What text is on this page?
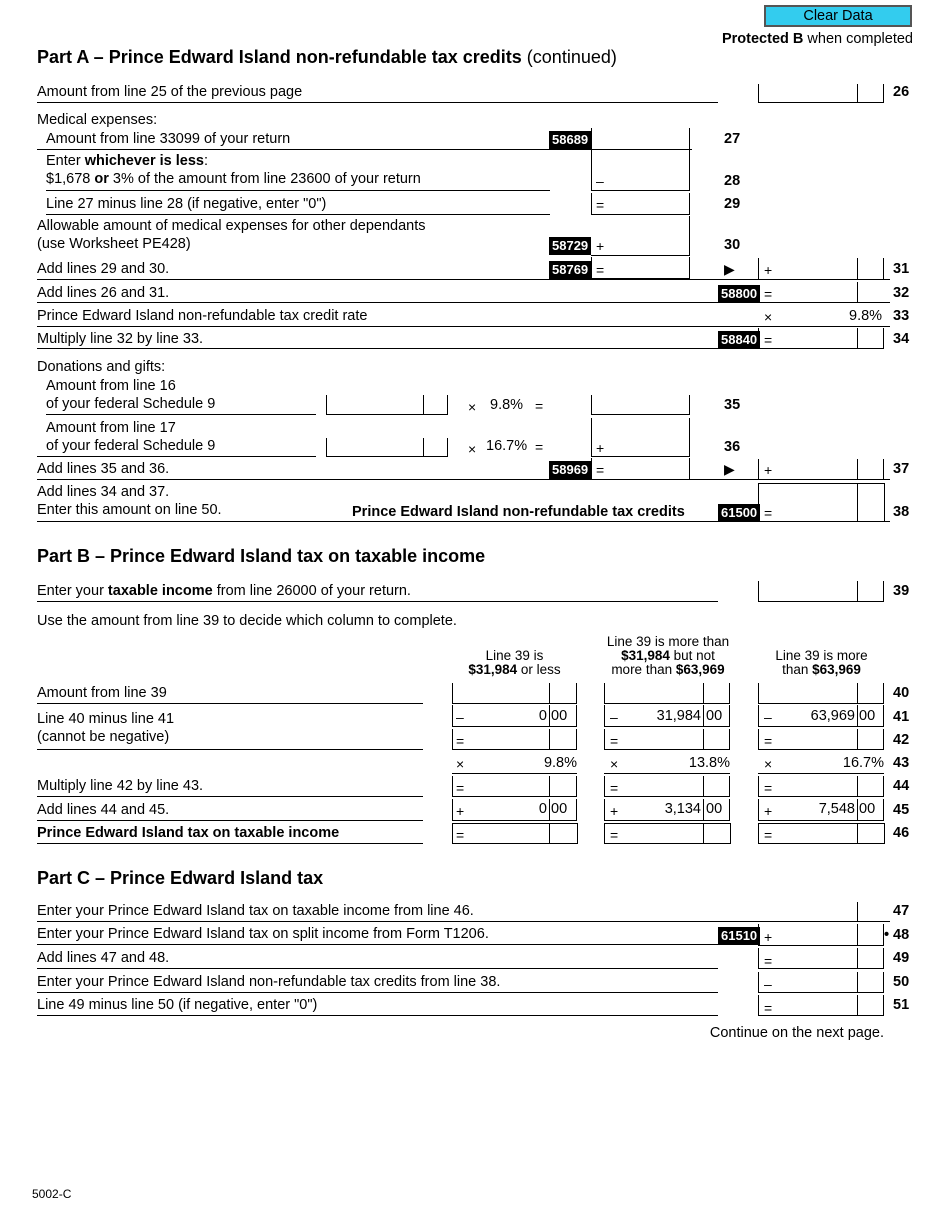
Clear Data
Protected B when completed
Part A – Prince Edward Island non-refundable tax credits (continued)
Amount from line 25 of the previous page	26
Medical expenses:
Amount from line 33099 of your return	58689	27
Enter whichever is less:
$1,678 or 3% of the amount from line 23600 of your return	–	28
Line 27 minus line 28 (if negative, enter "0")	=	29
Allowable amount of medical expenses for other dependants
(use Worksheet PE428)	58729 +	30
Add lines 29 and 30.	58769 =	▶ +	31
Add lines 26 and 31.	58800 =	32
Prince Edward Island non-refundable tax credit rate	×	9.8% 33
Multiply line 32 by line 33.	58840 =	34
Donations and gifts:
Amount from line 16
of your federal Schedule 9	× 9.8% =	35
Amount from line 17
of your federal Schedule 9	× 16.7% =	+	36
Add lines 35 and 36.	58969 =	▶ +	37
Add lines 34 and 37.
Enter this amount on line 50.	Prince Edward Island non-refundable tax credits	61500 =	38
Part B – Prince Edward Island tax on taxable income
Enter your taxable income from line 26000 of your return.	39
Use the amount from line 39 to decide which column to complete.
Line 39 is
$31,984 or less
Line 39 is more than
$31,984 but not
more than $63,969
Line 39 is more
than $63,969
Amount from line 39	40
Line 40 minus line 41
(cannot be negative)
–	0 00	–	31,984 00	–	63,969 00 41
=	=	=	42
×	9.8% ×	13.8% ×	16.7% 43
Multiply line 42 by line 43.	=	=	=	44
Add lines 44 and 45.	+	0 00	+	3,134 00	+	7,548 00 45
Prince Edward Island tax on taxable income	=	=	=	46
Part C – Prince Edward Island tax
Enter your Prince Edward Island tax on taxable income from line 46.	47
Enter your Prince Edward Island tax on split income from Form T1206.	61510 +	• 48
Add lines 47 and 48.	=	49
Enter your Prince Edward Island non-refundable tax credits from line 38.	–	50
Line 49 minus line 50 (if negative, enter "0")	=	51
Continue on the next page.
5002-C
